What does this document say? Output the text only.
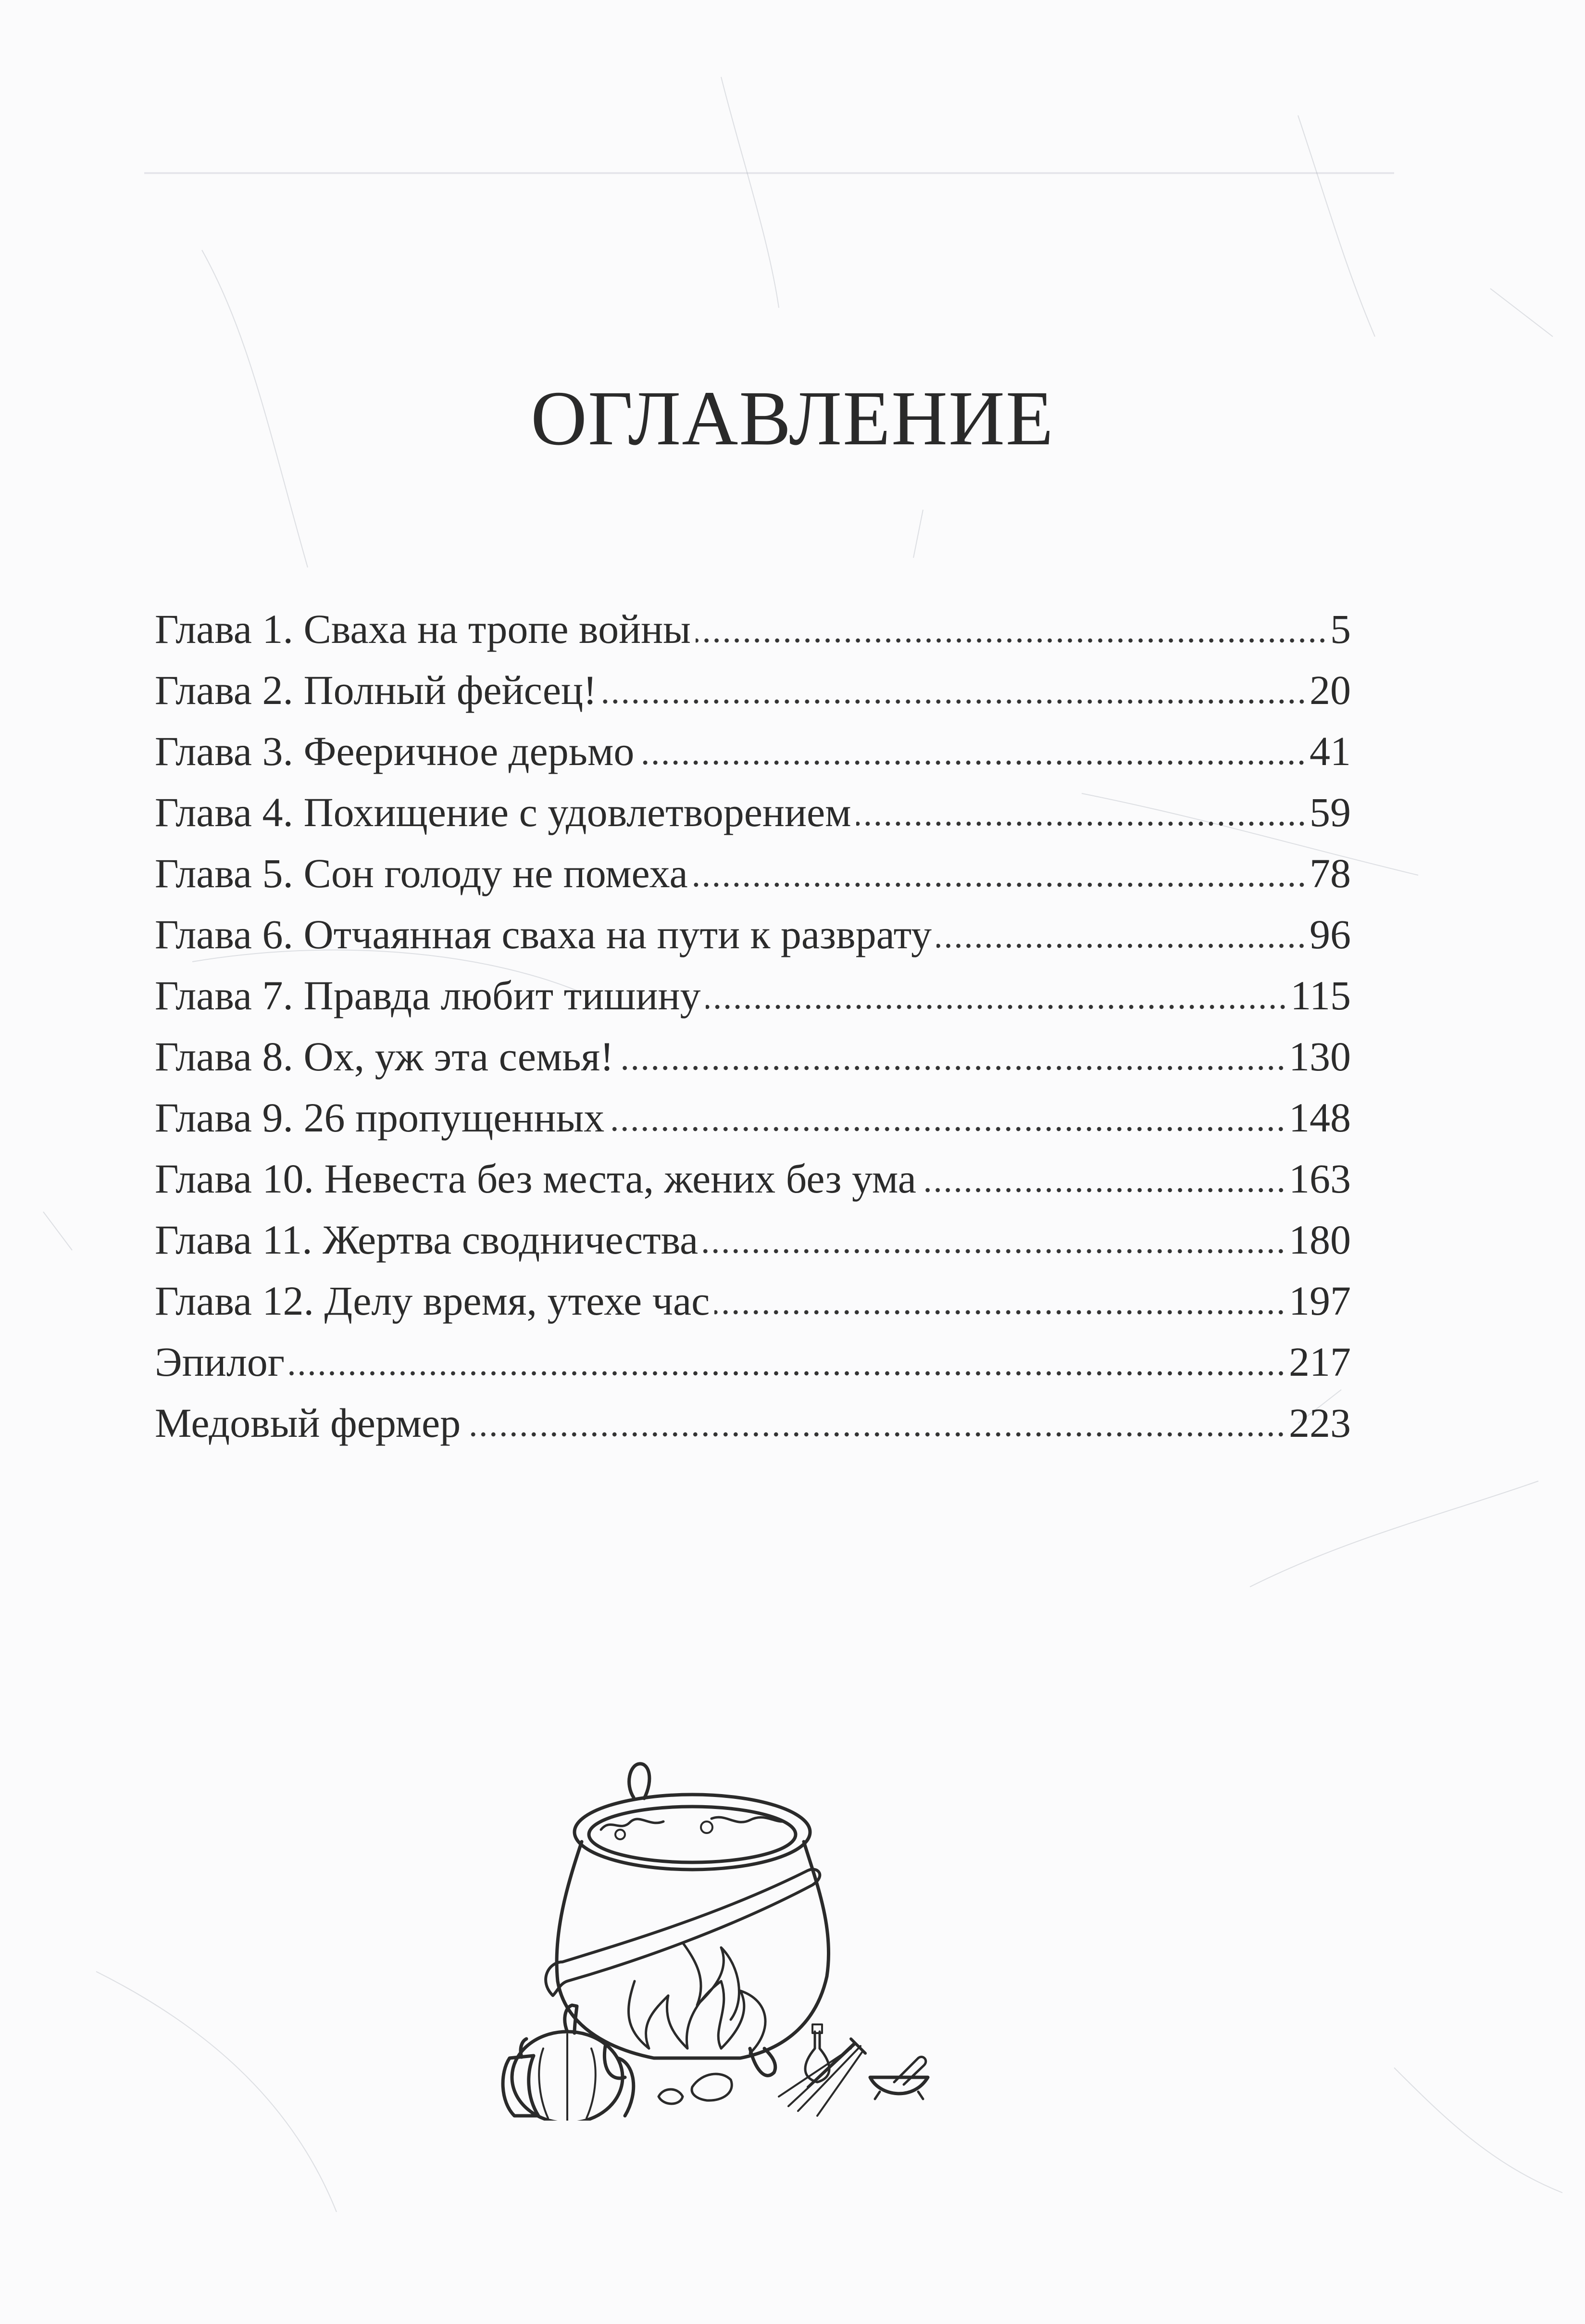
ОГЛАВЛЕНИЕ
Глава 1. Сваха на тропе войны	5
Глава 2. Полный фейсец!	20
Глава 3. Фееричное дерьмо	41
Глава 4. Похищение с удовлетворением	59
Глава 5. Сон голоду не помеха	78
Глава 6. Отчаянная сваха на пути к разврату	96
Глава 7. Правда любит тишину	115
Глава 8. Ох, уж эта семья!	130
Глава 9. 26 пропущенных	148
Глава 10. Невеста без места, жених без ума	163
Глава 11. Жертва сводничества	180
Глава 12. Делу время, утехе час	197
Эпилог	217
Медовый фермер	223
